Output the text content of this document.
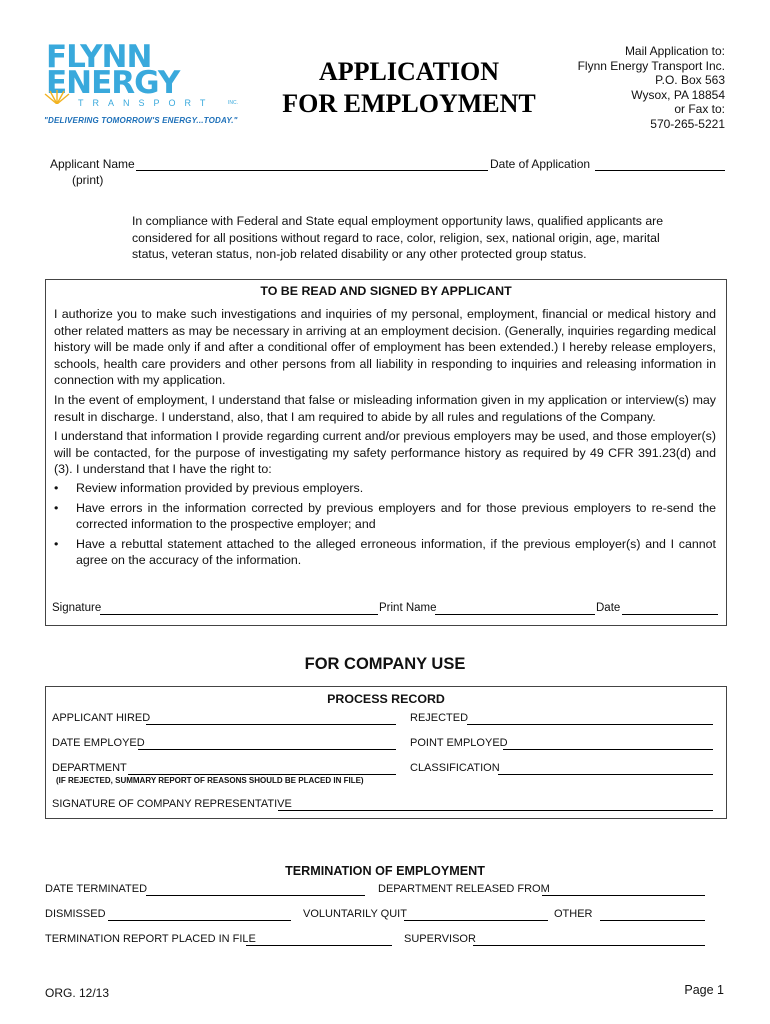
FLYNN
ENERGY
TRANSPORT	INC.
"DELIVERING TOMORROW'S ENERGY...TODAY."
APPLICATION
FOR EMPLOYMENT
Mail Application to:
Flynn Energy Transport Inc.
P.O. Box 563
Wysox, PA 18854
or Fax to:
570-265-5221
Applicant Name
(print)
Date of Application
In compliance with Federal and State equal employment opportunity laws, qualified applicants are considered for all positions without regard to race, color, religion, sex, national origin, age, marital status, veteran status, non-job related disability or any other protected group status.
TO BE READ AND SIGNED BY APPLICANT

I authorize you to make such investigations and inquiries of my personal, employment, financial or medical history and other related matters as may be necessary in arriving at an employment decision. (Generally, inquiries regarding medical history will be made only if and after a conditional offer of employment has been extended.) I hereby release employers, schools, health care providers and other persons from all liability in responding to inquiries and releasing information in connection with my application.

In the event of employment, I understand that false or misleading information given in my application or interview(s) may result in discharge. I understand, also, that I am required to abide by all rules and regulations of the Company.

I understand that information I provide regarding current and/or previous employers may be used, and those employer(s) will be contacted, for the purpose of investigating my safety performance history as required by 49 CFR 391.23(d) and (3). I understand that I have the right to:

•	Review information provided by previous employers.
•	Have errors in the information corrected by previous employers and for those previous employers to re-send the corrected information to the prospective employer; and
•	Have a rebuttal statement attached to the alleged erroneous information, if the previous employer(s) and I cannot agree on the accuracy of the information.
Signature	Print Name	Date
FOR COMPANY USE
PROCESS RECORD
APPLICANT HIRED	REJECTED
DATE EMPLOYED	POINT EMPLOYED
DEPARTMENT	CLASSIFICATION
(IF REJECTED, SUMMARY REPORT OF REASONS SHOULD BE PLACED IN FILE)
SIGNATURE OF COMPANY REPRESENTATIVE
TERMINATION OF EMPLOYMENT
DATE TERMINATED	DEPARTMENT RELEASED FROM
DISMISSED	VOLUNTARILY QUIT	OTHER
TERMINATION REPORT PLACED IN FILE	SUPERVISOR
ORG. 12/13	Page 1
